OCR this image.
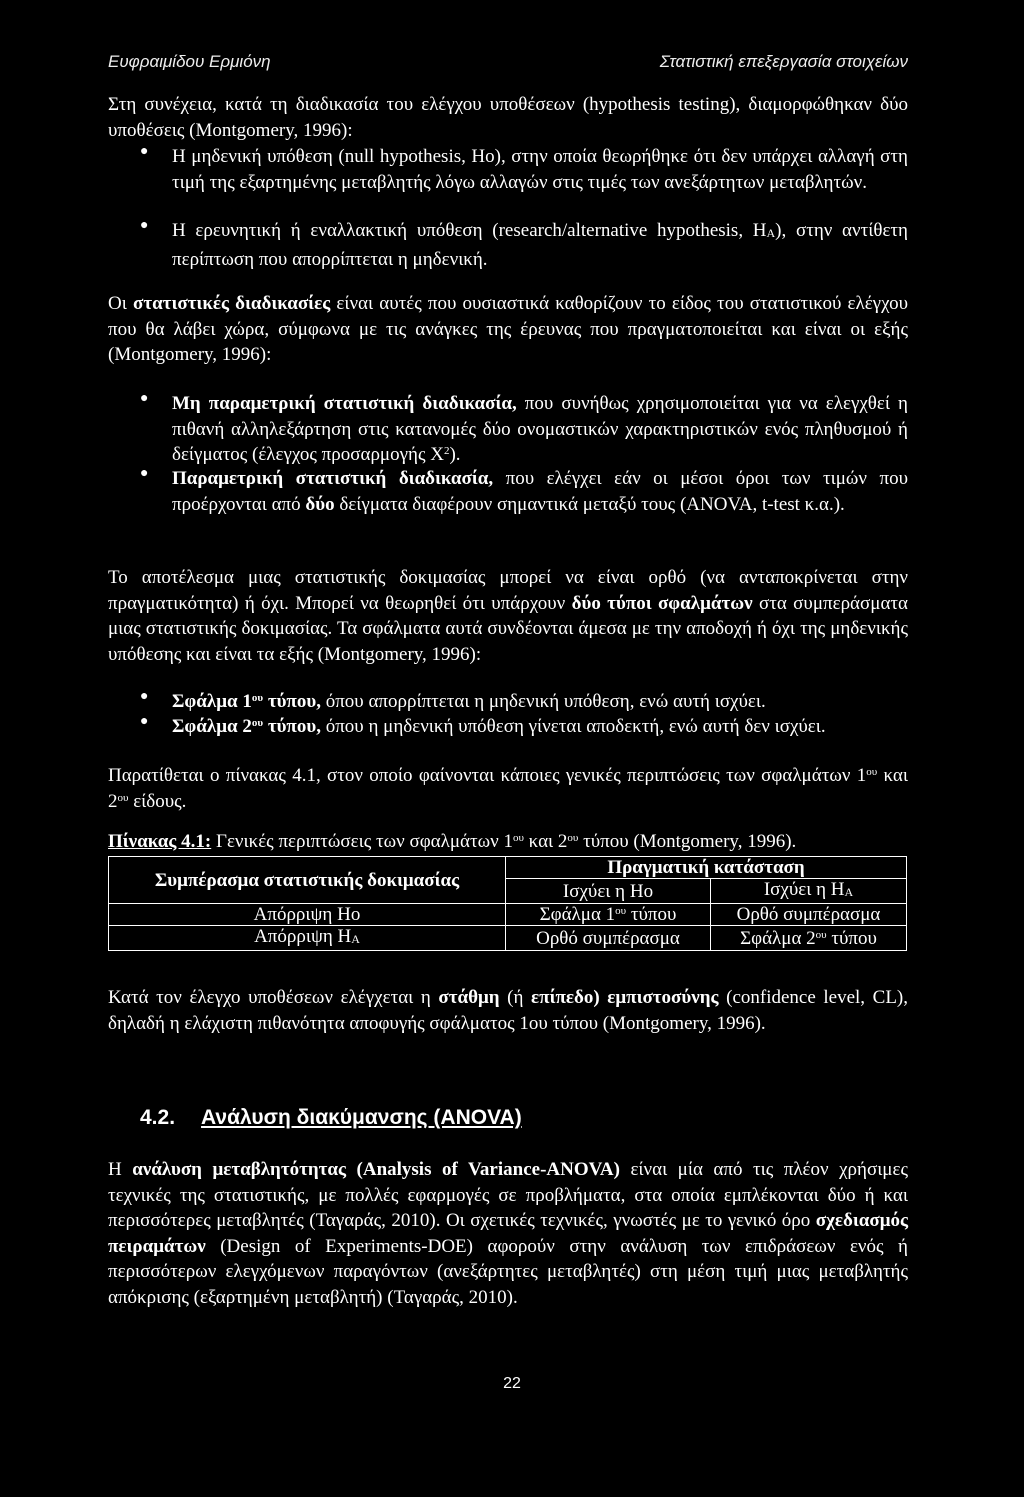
Ευφραιμίδου Ερμιόνη	Στατιστική επεξεργασία στοιχείων
Στη συνέχεια, κατά τη διαδικασία του ελέγχου υποθέσεων (hypothesis testing), διαμορφώθηκαν δύο υποθέσεις (Montgomery, 1996):
● Η μηδενική υπόθεση (null hypothesis, Ho), στην οποία θεωρήθηκε ότι δεν υπάρχει αλλαγή στη τιμή της εξαρτημένης μεταβλητής λόγω αλλαγών στις τιμές των ανεξάρτητων μεταβλητών.
● Η ερευνητική ή εναλλακτική υπόθεση (research/alternative hypothesis, $H_A$), στην αντίθετη περίπτωση που απορρίπτεται η μηδενική.
Οι στατιστικές διαδικασίες είναι αυτές που ουσιαστικά καθορίζουν το είδος του στατιστικού ελέγχου που θα λάβει χώρα, σύμφωνα με τις ανάγκες της έρευνας που πραγματοποιείται και είναι οι εξής (Montgomery, 1996):
● Μη παραμετρική στατιστική διαδικασία, που συνήθως χρησιμοποιείται για να ελεγχθεί η πιθανή αλληλεξάρτηση στις κατανομές δύο ονομαστικών χαρακτηριστικών ενός πληθυσμού ή δείγματος (έλεγχος προσαρμογής $X^2$).
● Παραμετρική στατιστική διαδικασία, που ελέγχει εάν οι μέσοι όροι των τιμών που προέρχονται από δύο δείγματα διαφέρουν σημαντικά μεταξύ τους (ANOVA, t-test κ.α.).
Το αποτέλεσμα μιας στατιστικής δοκιμασίας μπορεί να είναι ορθό (να ανταποκρίνεται στην πραγματικότητα) ή όχι. Μπορεί να θεωρηθεί ότι υπάρχουν δύο τύποι σφαλμάτων στα συμπεράσματα μιας στατιστικής δοκιμασίας. Τα σφάλματα αυτά συνδέονται άμεσα με την αποδοχή ή όχι της μηδενικής υπόθεσης και είναι τα εξής (Montgomery, 1996):
● Σφάλμα $1^{o\upsilon}$ τύπου, όπου απορρίπτεται η μηδενική υπόθεση, ενώ αυτή ισχύει.
● Σφάλμα $2^{o\upsilon}$ τύπου, όπου η μηδενική υπόθεση γίνεται αποδεκτή, ενώ αυτή δεν ισχύει.
Παρατίθεται ο πίνακας 4.1, στον οποίο φαίνονται κάποιες γενικές περιπτώσεις των σφαλμάτων $1^{o\upsilon}$ και $2^{o\upsilon}$ είδους.
Πίνακας 4.1: Γενικές περιπτώσεις των σφαλμάτων $1^{o\upsilon}$ και $2^{o\upsilon}$ τύπου (Montgomery, 1996).
Συμπέρασμα στατιστικής δοκιμασίας	Πραγματική κατάσταση	
	Ισχύει η Ho	Ισχύει η $H_A$
Απόρριψη Ho	Σφάλμα $1^{o\upsilon}$ τύπου	Ορθό συμπέρασμα
Απόρριψη $H_A$	Ορθό συμπέρασμα	Σφάλμα $2^{o\upsilon}$ τύπου
Κατά τον έλεγχο υποθέσεων ελέγχεται η στάθμη (ή επίπεδο) εμπιστοσύνης (confidence level, CL), δηλαδή η ελάχιστη πιθανότητα αποφυγής σφάλματος 1ου τύπου (Montgomery, 1996).
4.2. Ανάλυση διακύμανσης (ANOVA)
Η ανάλυση μεταβλητότητας (Analysis of Variance-ANOVA) είναι μία από τις πλέον χρήσιμες τεχνικές της στατιστικής, με πολλές εφαρμογές σε προβλήματα, στα οποία εμπλέκονται δύο ή και περισσότερες μεταβλητές (Ταγαράς, 2010). Οι σχετικές τεχνικές, γνωστές με το γενικό όρο σχεδιασμός πειραμάτων (Design of Experiments-DOE) αφορούν στην ανάλυση των επιδράσεων ενός ή περισσότερων ελεγχόμενων παραγόντων (ανεξάρτητες μεταβλητές) στη μέση τιμή μιας μεταβλητής απόκρισης (εξαρτημένη μεταβλητή) (Ταγαράς, 2010).
22
